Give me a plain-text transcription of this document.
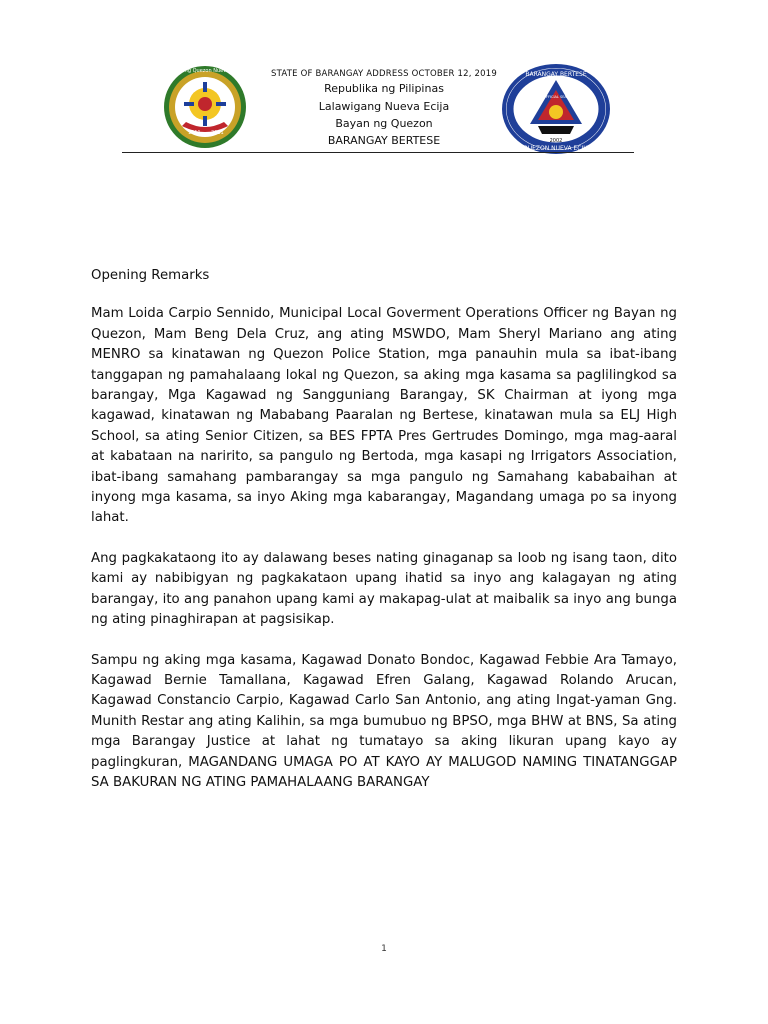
Bayan ng Quezon Nueva Ecija
1911 2011
STATE OF BARANGAY ADDRESS OCTOBER 12, 2019
Republika ng Pilipinas
Lalawigang Nueva Ecija
Bayan ng Quezon
BARANGAY BERTESE
BARANGAY BERTESE
QUEZON NUEVA ECIJA
2002
OFFICIAL SEAL

Opening Remarks

Mam Loida Carpio Sennido, Municipal Local Goverment Operations Officer ng Bayan ng Quezon, Mam Beng Dela Cruz, ang ating MSWDO, Mam Sheryl Mariano ang ating MENRO sa kinatawan ng Quezon Police Station, mga panauhin mula sa ibat-ibang tanggapan ng pamahalaang lokal ng Quezon, sa aking mga kasama sa paglilingkod sa barangay, Mga Kagawad ng Sangguniang Barangay, SK Chairman at iyong mga kagawad, kinatawan ng Mababang Paaralan ng Bertese, kinatawan mula sa ELJ High School, sa ating Senior Citizen, sa BES FPTA Pres Gertrudes Domingo, mga mag-aaral at kabataan na naririto, sa pangulo ng Bertoda, mga kasapi ng Irrigators Association, ibat-ibang samahang pambarangay sa mga pangulo ng Samahang kababaihan at inyong mga kasama, sa inyo Aking mga kabarangay, Magandang umaga po sa inyong lahat.

Ang pagkakataong ito ay dalawang beses nating ginaganap sa loob ng isang taon, dito kami ay nabibigyan ng pagkakataon upang ihatid sa inyo ang kalagayan ng ating barangay, ito ang panahon upang kami ay makapag-ulat at maibalik sa inyo ang bunga ng ating pinaghirapan at pagsisikap.

Sampu ng aking mga kasama, Kagawad Donato Bondoc, Kagawad Febbie Ara Tamayo, Kagawad Bernie Tamallana, Kagawad Efren Galang, Kagawad Rolando Arucan, Kagawad Constancio Carpio, Kagawad Carlo San Antonio, ang ating Ingat-yaman Gng. Munith Restar ang ating Kalihin, sa mga bumubuo ng BPSO, mga BHW at BNS, Sa ating mga Barangay Justice at lahat ng tumatayo sa aking likuran upang kayo ay paglingkuran, MAGANDANG UMAGA PO AT KAYO AY MALUGOD NAMING TINATANGGAP SA BAKURAN NG ATING PAMAHALAANG BARANGAY

1
